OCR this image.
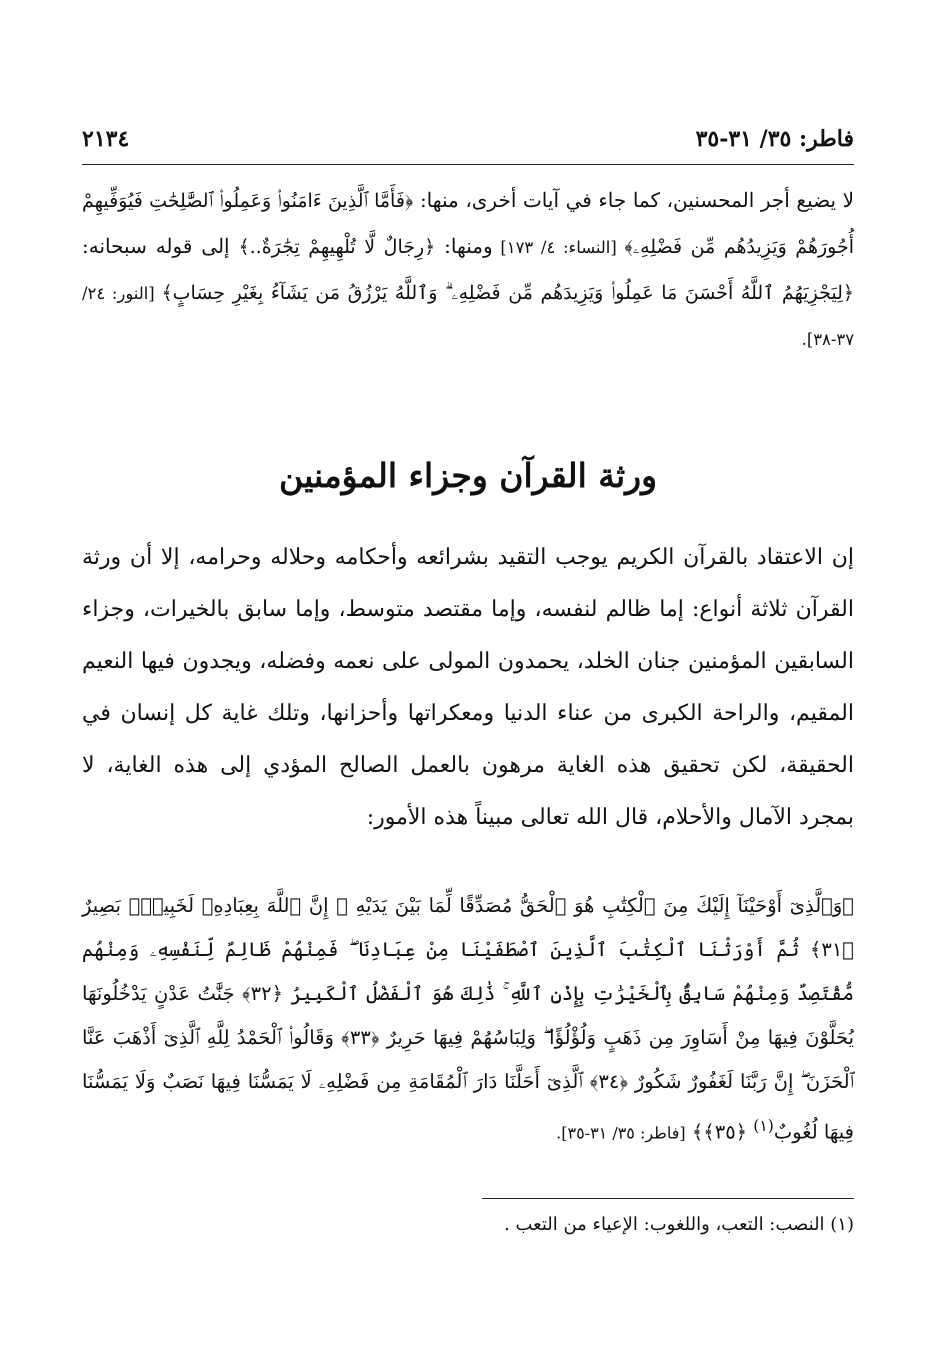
فاطر: ٣٥/ ٣١-٣٥
٢١٣٤
لا يضيع أجر المحسنين، كما جاء في آيات أخرى، منها: ﴿فَأَمَّا ٱلَّذِينَ ءَامَنُوا۟ وَعَمِلُوا۟ ٱلصَّٰلِحَٰتِ فَيُوَفِّيهِمْ أُجُورَهُمْ وَيَزِيدُهُم مِّن فَضْلِهِۦ﴾ [النساء: ٤/ ١٧٣] ومنها: ﴿رِجَالٌ لَّا تُلْهِيهِمْ تِجَٰرَةٌ..﴾ إلى قوله سبحانه: ﴿لِيَجْزِيَهُمُ ٱللَّهُ أَحْسَنَ مَا عَمِلُوا۟ وَيَزِيدَهُم مِّن فَضْلِهِۦ ۗ وَٱللَّهُ يَرْزُقُ مَن يَشَآءُ بِغَيْرِ حِسَابٍ﴾ [النور: ٢٤/ ٣٧-٣٨].
ورثة القرآن وجزاء المؤمنين
إن الاعتقاد بالقرآن الكريم يوجب التقيد بشرائعه وأحكامه وحلاله وحرامه، إلا أن ورثة القرآن ثلاثة أنواع: إما ظالم لنفسه، وإما مقتصد متوسط، وإما سابق بالخيرات، وجزاء السابقين المؤمنين جنان الخلد، يحمدون المولى على نعمه وفضله، ويجدون فيها النعيم المقيم، والراحة الكبرى من عناء الدنيا ومعكراتها وأحزانها، وتلك غاية كل إنسان في الحقيقة، لكن تحقيق هذه الغاية مرهون بالعمل الصالح المؤدي إلى هذه الغاية، لا بمجرد الآمال والأحلام، قال الله تعالى مبيناً هذه الأمور:
﴿وَٱلَّذِىٓ أَوْحَيْنَآ إِلَيْكَ مِنَ ٱلْكِتَٰبِ هُوَ ٱلْحَقُّ مُصَدِّقًا لِّمَا بَيْنَ يَدَيْهِ ۗ إِنَّ ٱللَّهَ بِعِبَادِهِۦ لَخَبِيرٌۢ بَصِيرٌ ﴿٣١﴾ ثُمَّ أَوْرَثْنَا ٱلْكِتَٰبَ ٱلَّذِينَ ٱصْطَفَيْنَا مِنْ عِبَادِنَا ۖ فَمِنْهُمْ ظَالِمٌ لِّنَفْسِهِۦ وَمِنْهُم مُّقْتَصِدٌ وَمِنْهُمْ سَابِقٌۢ بِٱلْخَيْرَٰتِ بِإِذْنِ ٱللَّهِ ۚ ذَٰلِكَ هُوَ ٱلْفَضْلُ ٱلْكَبِيرُ ﴿٣٢﴾ جَنَّٰتُ عَدْنٍ يَدْخُلُونَهَا يُحَلَّوْنَ فِيهَا مِنْ أَسَاوِرَ مِن ذَهَبٍ وَلُؤْلُؤًا ۖ وَلِبَاسُهُمْ فِيهَا حَرِيرٌ ﴿٣٣﴾ وَقَالُوا۟ ٱلْحَمْدُ لِلَّهِ ٱلَّذِىٓ أَذْهَبَ عَنَّا ٱلْحَزَنَ ۖ إِنَّ رَبَّنَا لَغَفُورٌ شَكُورٌ ﴿٣٤﴾ ٱلَّذِىٓ أَحَلَّنَا دَارَ ٱلْمُقَامَةِ مِن فَضْلِهِۦ لَا يَمَسُّنَا فِيهَا نَصَبٌ وَلَا يَمَسُّنَا فِيهَا لُغُوبٌ$^{(١)}$ ﴿٣٥﴾﴾ [فاطر: ٣٥/ ٣١-٣٥].
(١) النصب: التعب، واللغوب: الإعياء من التعب .
